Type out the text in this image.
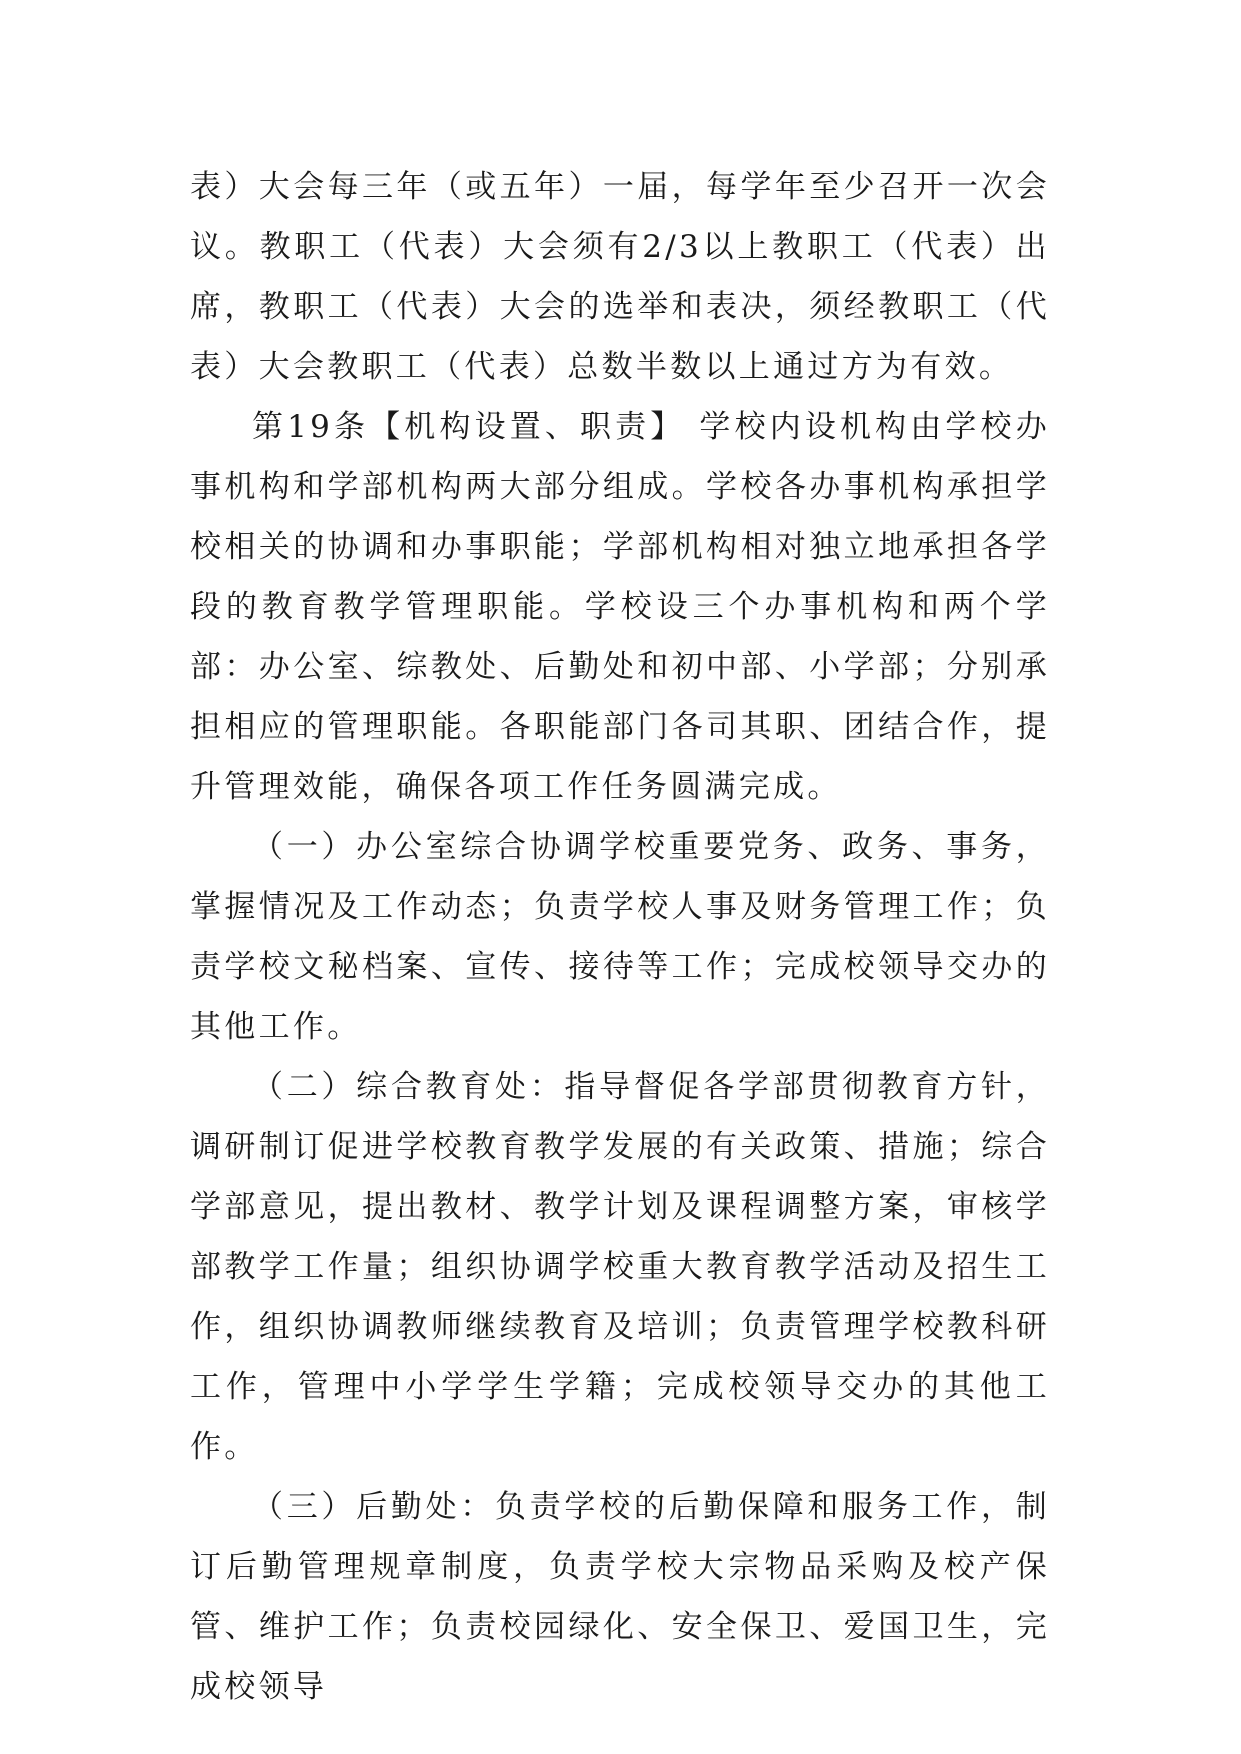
表）大会每三年（或五年）一届，每学年至少召开一次会议。教职工（代表）大会须有2/3以上教职工（代表）出席，教职工（代表）大会的选举和表决，须经教职工（代表）大会教职工（代表）总数半数以上通过方为有效。

第19条【机构设置、职责】 学校内设机构由学校办事机构和学部机构两大部分组成。学校各办事机构承担学校相关的协调和办事职能；学部机构相对独立地承担各学段的教育教学管理职能。学校设三个办事机构和两个学部：办公室、综教处、后勤处和初中部、小学部；分别承担相应的管理职能。各职能部门各司其职、团结合作，提升管理效能，确保各项工作任务圆满完成。

（一）办公室综合协调学校重要党务、政务、事务，掌握情况及工作动态；负责学校人事及财务管理工作；负责学校文秘档案、宣传、接待等工作；完成校领导交办的其他工作。

（二）综合教育处：指导督促各学部贯彻教育方针，调研制订促进学校教育教学发展的有关政策、措施；综合学部意见，提出教材、教学计划及课程调整方案，审核学部教学工作量；组织协调学校重大教育教学活动及招生工作，组织协调教师继续教育及培训；负责管理学校教科研工作，管理中小学学生学籍；完成校领导交办的其他工作。

（三）后勤处：负责学校的后勤保障和服务工作，制订后勤管理规章制度，负责学校大宗物品采购及校产保管、维护工作；负责校园绿化、安全保卫、爱国卫生，完成校领导
